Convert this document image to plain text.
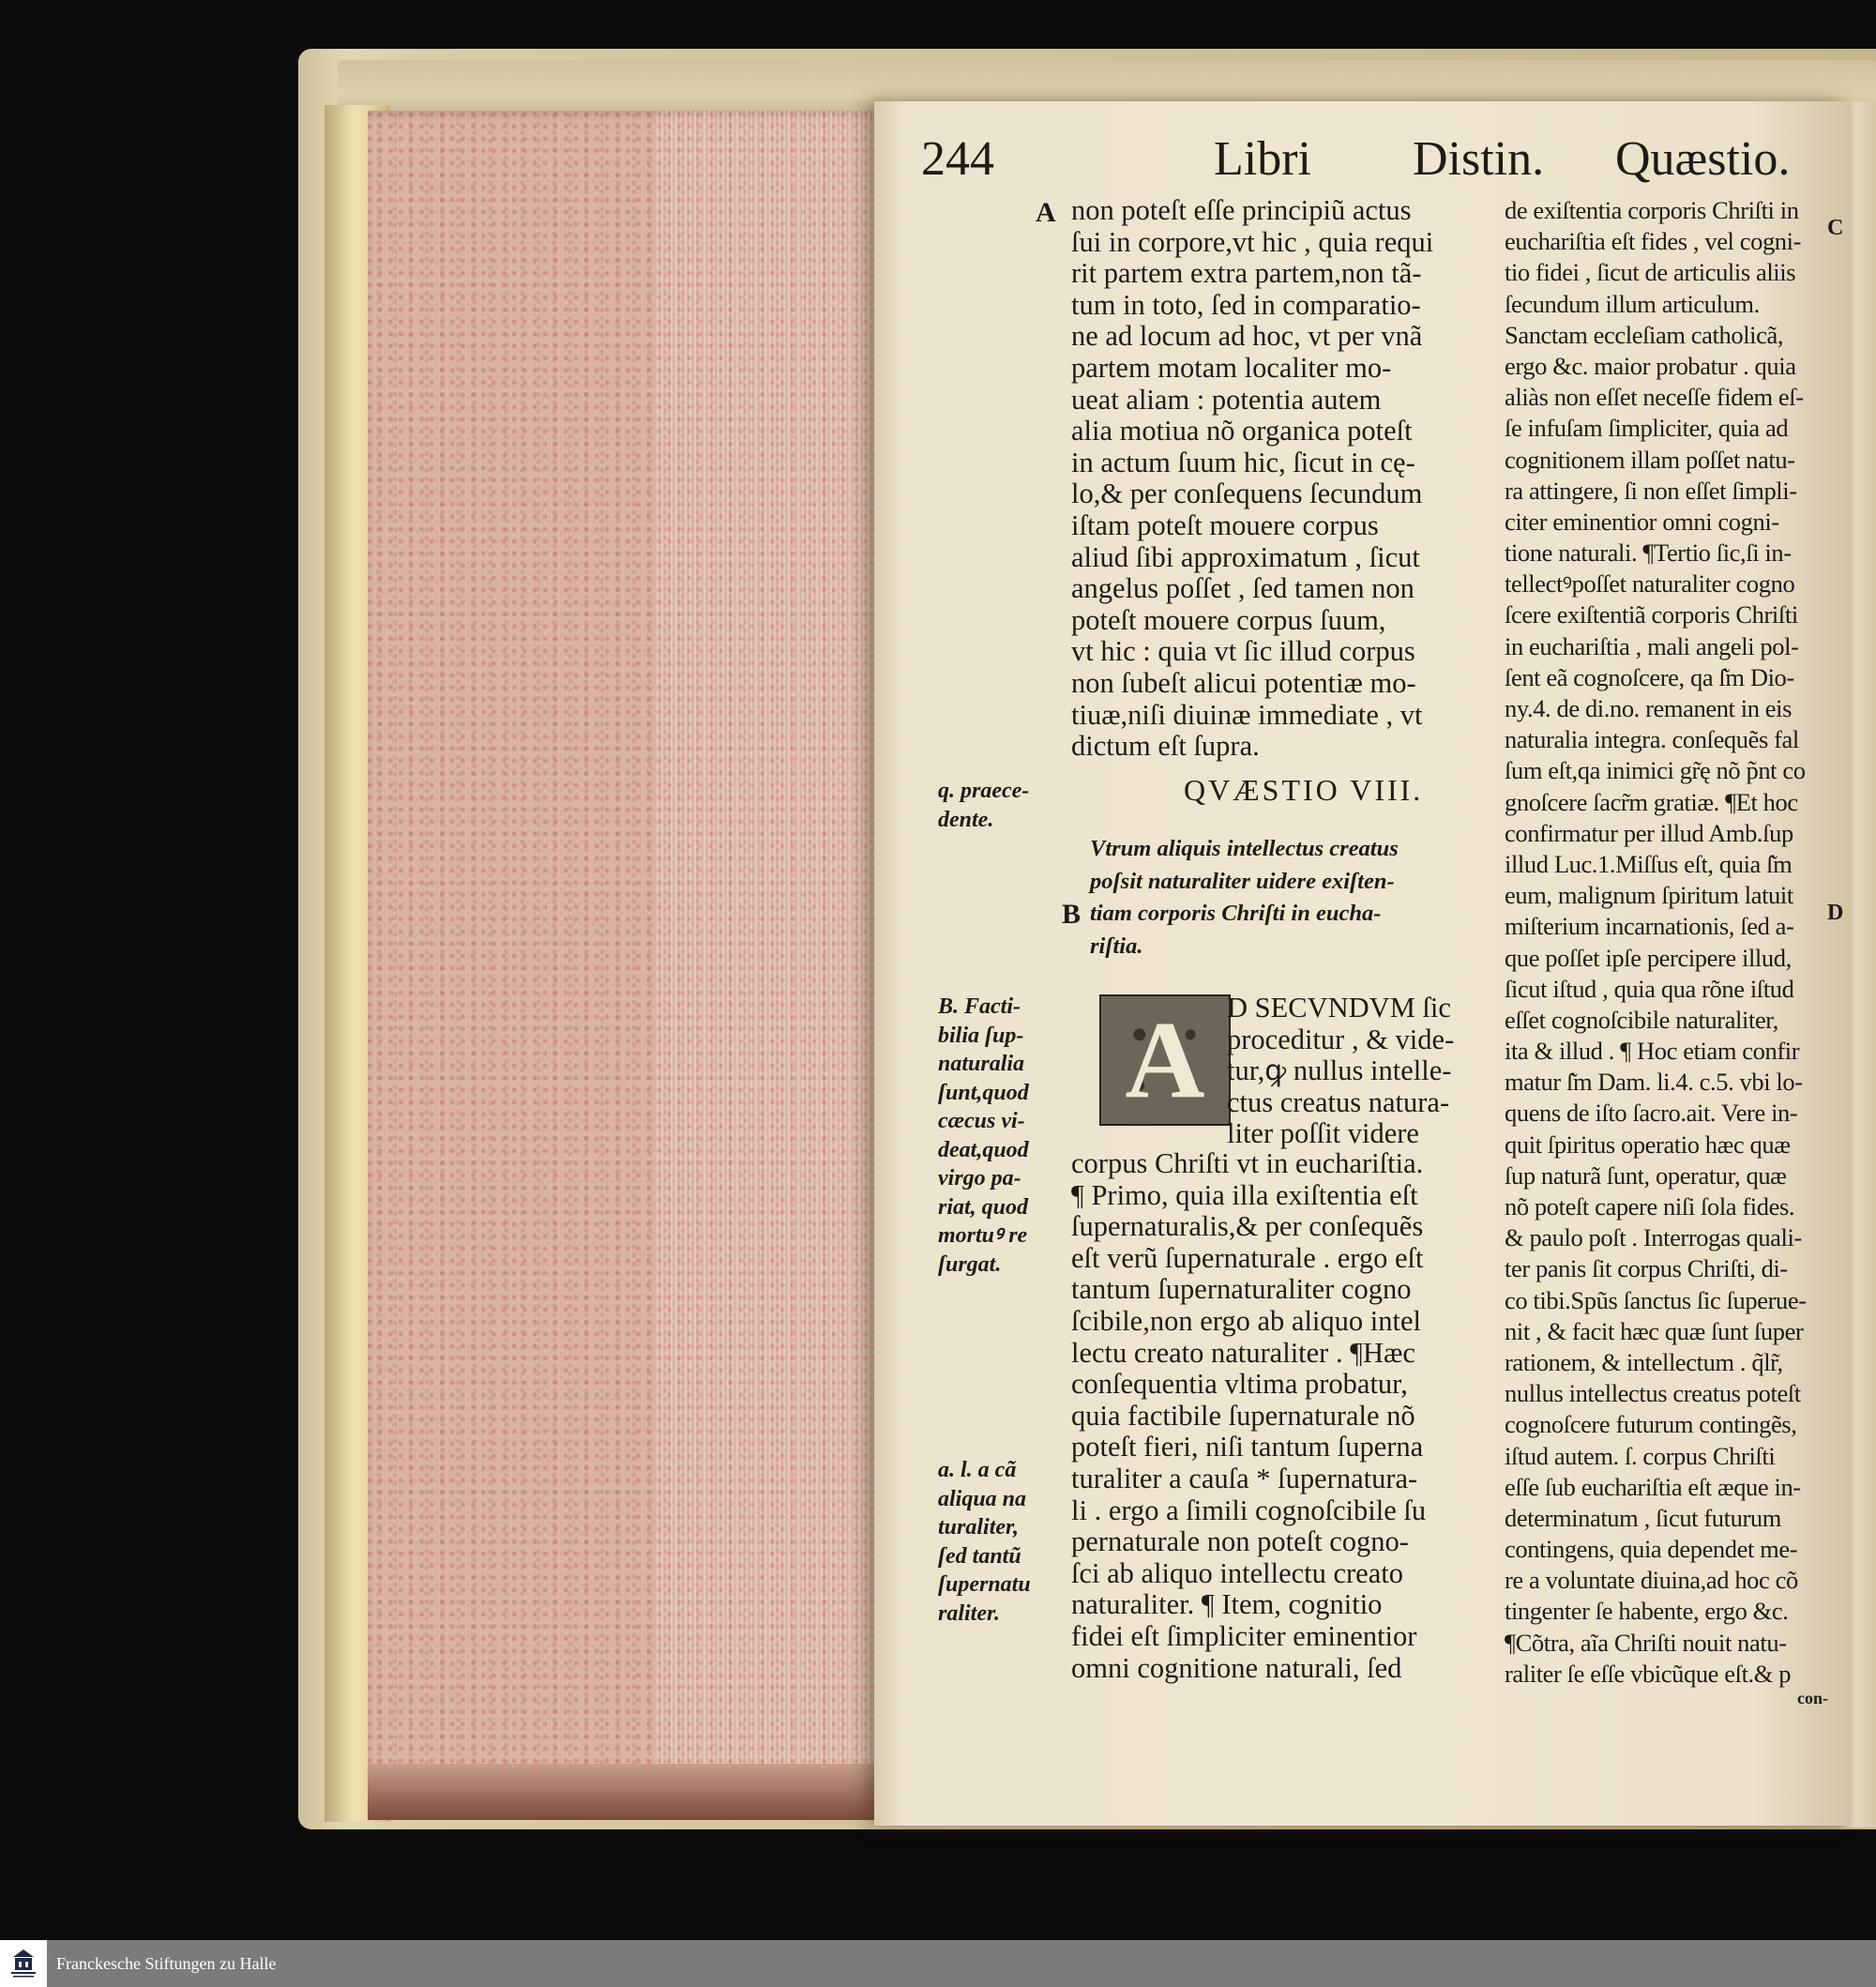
244	Libri Distin. Quæstio.
A
B
C
D
non poteſt eſſe principiũ actus
ſui in corpore,vt hic , quia requi
rit partem extra partem,non tã-
tum in toto, ſed in comparatio-
ne ad locum ad hoc, vt per vnã
partem motam localiter mo-
ueat aliam : potentia autem
alia motiua nõ organica poteſt
in actum ſuum hic, ſicut in cę-
lo,& per conſequens ſecundum
iſtam poteſt mouere corpus
aliud ſibi approximatum , ſicut
angelus poſſet , ſed tamen non
poteſt mouere corpus ſuum,
vt hic : quia vt ſic illud corpus
non ſubeſt alicui potentiæ mo-
tiuæ,niſi diuinæ immediate , vt
dictum eſt ſupra.
QVÆSTIO VIII.
Vtrum aliquis intellectus creatus
poſsit naturaliter uidere exiſten-
tiam corporis Chriſti in eucha-
riſtia.
A D SECVNDVM ſic
proceditur , & vide-
tur,ꝙ nullus intelle-
ctus creatus natura-
liter poſſit videre
corpus Chriſti vt in euchariſtia.
¶ Primo, quia illa exiſtentia eſt
ſupernaturalis,& per conſequẽs
eſt verũ ſupernaturale . ergo eſt
tantum ſupernaturaliter cogno
ſcibile,non ergo ab aliquo intel
lectu creato naturaliter . ¶Hæc
conſequentia vltima probatur,
quia factibile ſupernaturale nõ
poteſt fieri, niſi tantum ſuperna
turaliter a cauſa * ſupernatura-
li . ergo a ſimili cognoſcibile ſu
pernaturale non poteſt cogno-
ſci ab aliquo intellectu creato
naturaliter. ¶ Item, cognitio
fidei eſt ſimpliciter eminentior
omni cognitione naturali, ſed
de exiſtentia corporis Chriſti in
euchariſtia eſt fides , vel cogni-
tio fidei , ſicut de articulis aliis
ſecundum illum articulum.
Sanctam eccleſiam catholicã,
ergo &c. maior probatur . quia
aliàs non eſſet neceſſe fidem eſ-
ſe infuſam ſimpliciter, quia ad
cognitionem illam poſſet natu-
ra attingere, ſi non eſſet ſimpli-
citer eminentior omni cogni-
tione naturali. ¶Tertio ſic,ſi in-
tellectꝰpoſſet naturaliter cogno
ſcere exiſtentiã corporis Chriſti
in euchariſtia , mali angeli pol-
ſent eã cognoſcere, qa ſ͂m Dio-
ny.4. de di.no. remanent in eis
naturalia integra. conſequẽs fal
ſum eſt,qa inimici gr̃ę nõ p̃nt co
gnoſcere ſacr̃m gratiæ. ¶Et hoc
confirmatur per illud Amb.ſup
illud Luc.1.Miſſus eſt, quia ſ͂m
eum, malignum ſpiritum latuit
miſterium incarnationis, ſed a-
que poſſet ipſe percipere illud,
ſicut iſtud , quia qua rõne iſtud
eſſet cognoſcibile naturaliter,
ita & illud . ¶ Hoc etiam confir
matur ſ͂m Dam. li.4. c.5. vbi lo-
quens de iſto ſacro.ait. Vere in-
quit ſpiritus operatio hæc quæ
ſup naturã ſunt, operatur, quæ
nõ poteſt capere niſi ſola fides.
& paulo poſt . Interrogas quali-
ter panis ſit corpus Chriſti, di-
co tibi.Spũs ſanctus ſic ſuperue-
nit , & facit hæc quæ ſunt ſuper
rationem, & intellectum . q̃lr̃,
nullus intellectus creatus poteſt
cognoſcere futurum contingẽs,
iſtud autem. ſ. corpus Chriſti
eſſe ſub euchariſtia eſt æque in-
determinatum , ſicut futurum
contingens, quia dependet me-
re a voluntate diuina,ad hoc cõ
tingenter ſe habente, ergo &c.
¶Cõtra, aĩa Chriſti nouit natu-
raliter ſe eſſe vbicũque eſt.& p
con-
q. praece-
dente.
B. Facti-
bilia ſup-
naturalia
ſunt,quod
cæcus vi-
deat,quod
virgo pa-
riat, quod
mortuꝰ re
ſurgat.
a. l. a cã
aliqua na
turaliter,
ſed tantũ
ſupernatu
raliter.
Franckesche Stiftungen zu Halle
